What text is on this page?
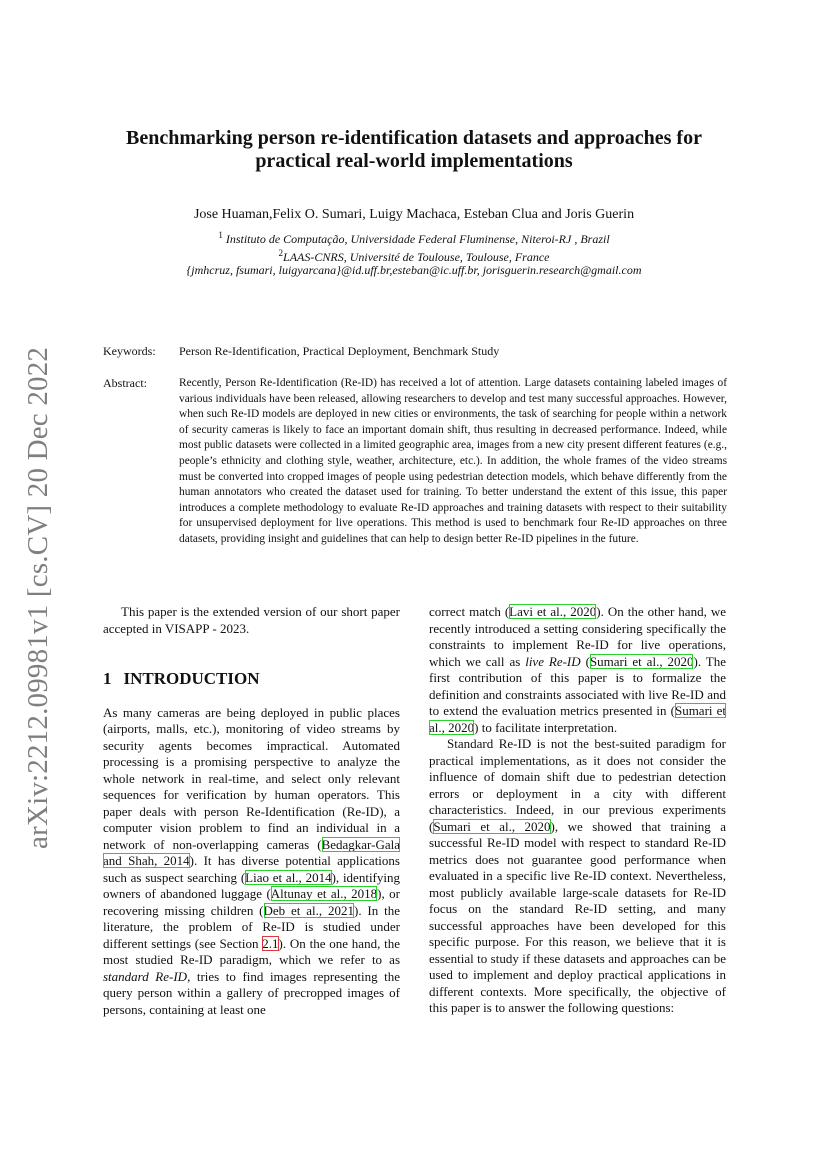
arXiv:2212.09981v1 [cs.CV] 20 Dec 2022
Benchmarking person re-identification datasets and approaches for practical real-world implementations
Jose Huaman,Felix O. Sumari, Luigy Machaca, Esteban Clua and Joris Guerin
$^1$ Instituto de Computação, Universidade Federal Fluminense, Niteroi-RJ , Brazil
$^2$LAAS-CNRS, Université de Toulouse, Toulouse, France
{jmhcruz, fsumari, luigyarcana}@id.uff.br,esteban@ic.uff.br, jorisguerin.research@gmail.com
Keywords: Person Re-Identification, Practical Deployment, Benchmark Study
Abstract:	Recently, Person Re-Identification (Re-ID) has received a lot of attention. Large datasets containing labeled images of various individuals have been released, allowing researchers to develop and test many successful approaches. However, when such Re-ID models are deployed in new cities or environments, the task of searching for people within a network of security cameras is likely to face an important domain shift, thus resulting in decreased performance. Indeed, while most public datasets were collected in a limited geographic area, images from a new city present different features (e.g., people’s ethnicity and clothing style, weather, architecture, etc.). In addition, the whole frames of the video streams must be converted into cropped images of people using pedestrian detection models, which behave differently from the human annotators who created the dataset used for training. To better understand the extent of this issue, this paper introduces a complete methodology to evaluate Re-ID approaches and training datasets with respect to their suitability for unsupervised deployment for live operations. This method is used to benchmark four Re-ID approaches on three datasets, providing insight and guidelines that can help to design better Re-ID pipelines in the future.

This paper is the extended version of our short paper accepted in VISAPP - 2023.

1 INTRODUCTION

As many cameras are being deployed in public places (airports, malls, etc.), monitoring of video streams by security agents becomes impractical. Automated processing is a promising perspective to analyze the whole network in real-time, and select only relevant sequences for verification by human operators. This paper deals with person Re-Identification (Re-ID), a computer vision problem to find an individual in a network of non-overlapping cameras (Bedagkar-Gala and Shah, 2014). It has diverse potential applications such as suspect searching (Liao et al., 2014), identifying owners of abandoned luggage (Altunay et al., 2018), or recovering missing children (Deb et al., 2021). In the literature, the problem of Re-ID is studied under different settings (see Section 2.1). On the one hand, the most studied Re-ID paradigm, which we refer to as standard Re-ID, tries to find images representing the query person within a gallery of precropped images of persons, containing at least one

correct match (Lavi et al., 2020). On the other hand, we recently introduced a setting considering specifically the constraints to implement Re-ID for live operations, which we call as live Re-ID (Sumari et al., 2020). The first contribution of this paper is to formalize the definition and constraints associated with live Re-ID and to extend the evaluation metrics presented in (Sumari et al., 2020) to facilitate interpretation.

Standard Re-ID is not the best-suited paradigm for practical implementations, as it does not consider the influence of domain shift due to pedestrian detection errors or deployment in a city with different characteristics. Indeed, in our previous experiments (Sumari et al., 2020), we showed that training a successful Re-ID model with respect to standard Re-ID metrics does not guarantee good performance when evaluated in a specific live Re-ID context. Nevertheless, most publicly available large-scale datasets for Re-ID focus on the standard Re-ID setting, and many successful approaches have been developed for this specific purpose. For this reason, we believe that it is essential to study if these datasets and approaches can be used to implement and deploy practical applications in different contexts. More specifically, the objective of this paper is to answer the following questions:
